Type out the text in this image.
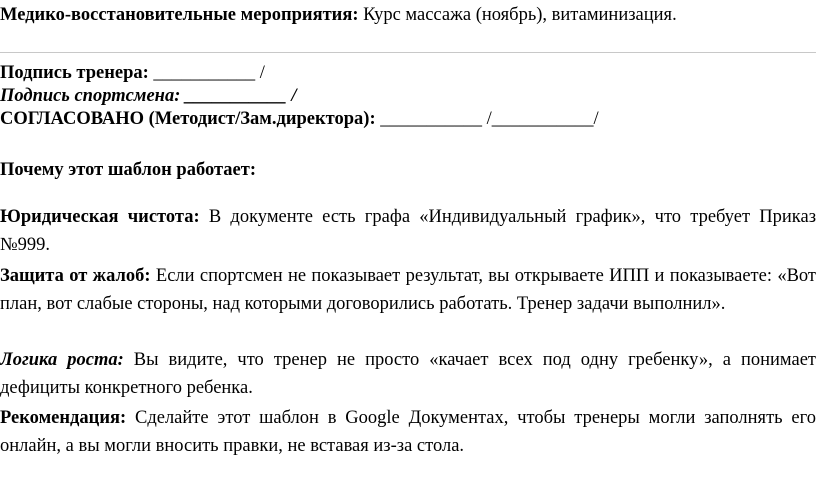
Медико-восстановительные мероприятия: Курс массажа (ноябрь), витаминизация.
Подпись тренера: ___________ /
Подпись спортсмена: ___________ /
СОГЛАСОВАНО (Методист/Зам.директора): ___________ /___________/
Почему этот шаблон работает:
Юридическая чистота: В документе есть графа «Индивидуальный график», что требует Приказ №999.
Защита от жалоб: Если спортсмен не показывает результат, вы открываете ИПП и показываете: «Вот план, вот слабые стороны, над которыми договорились работать. Тренер задачи выполнил».
Логика роста: Вы видите, что тренер не просто «качает всех под одну гребенку», а понимает дефициты конкретного ребенка.
Рекомендация: Сделайте этот шаблон в Google Документах, чтобы тренеры могли заполнять его онлайн, а вы могли вносить правки, не вставая из-за стола.
